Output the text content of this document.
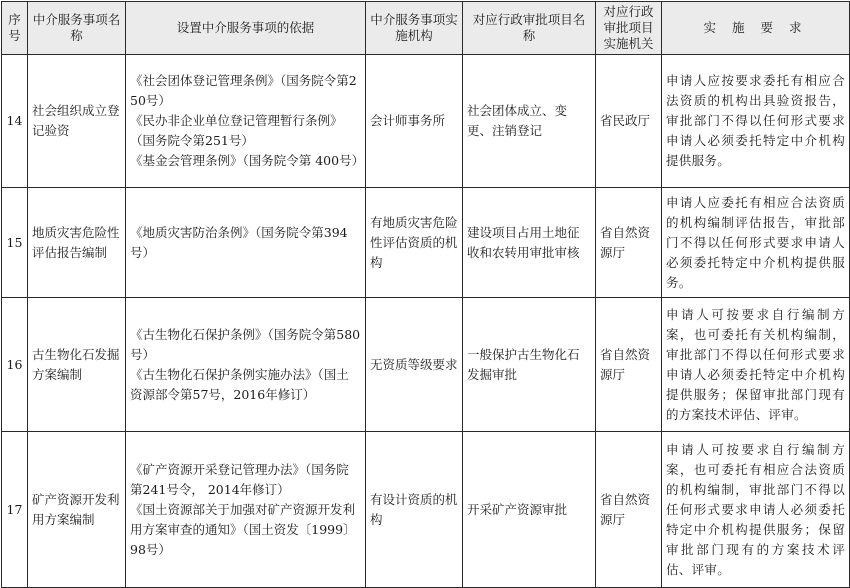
序号	中介服务事项名称	设置中介服务事项的依据	中介服务事项实施机构	对应行政审批项目名称	对应行政审批项目实施机关	实 施 要 求
14	社会组织成立登记验资	《社会团体登记管理条例》（国务院令第250号）
《民办非企业单位登记管理暂行条例》（国务院令第251号）
《基金会管理条例》（国务院令第 400号）	会计师事务所	社会团体成立、变更、注销登记	省民政厅	申请人应按要求委托有相应合法资质的机构出具验资报告，审批部门不得以任何形式要求申请人必须委托特定中介机构提供服务。
15	地质灾害危险性评估报告编制	《地质灾害防治条例》（国务院令第394号）	有地质灾害危险性评估资质的机构	建设项目占用土地征收和农转用审批审核	省自然资源厅	申请人应委托有相应合法资质的机构编制评估报告，审批部门不得以任何形式要求申请人必须委托特定中介机构提供服务。
16	古生物化石发掘方案编制	《古生物化石保护条例》（国务院令第580号）
《古生物化石保护条例实施办法》（国土资源部令第57号，2016年修订）	无资质等级要求	一般保护古生物化石发掘审批	省自然资源厅	申请人可按要求自行编制方案，也可委托有关机构编制，审批部门不得以任何形式要求申请人必须委托特定中介机构提供服务；保留审批部门现有的方案技术评估、评审。
17	矿产资源开发利用方案编制	《矿产资源开采登记管理办法》（国务院第241号令， 2014年修订）
《国土资源部关于加强对矿产资源开发利用方案审查的通知》（国土资发〔1999〕98号）	有设计资质的机构	开采矿产资源审批	省自然资源厅	申请人可按要求自行编制方案，也可委托有相应合法资质的机构编制，审批部门不得以任何形式要求申请人必须委托特定中介机构提供服务；保留审批部门现有的方案技术评估、评审。
